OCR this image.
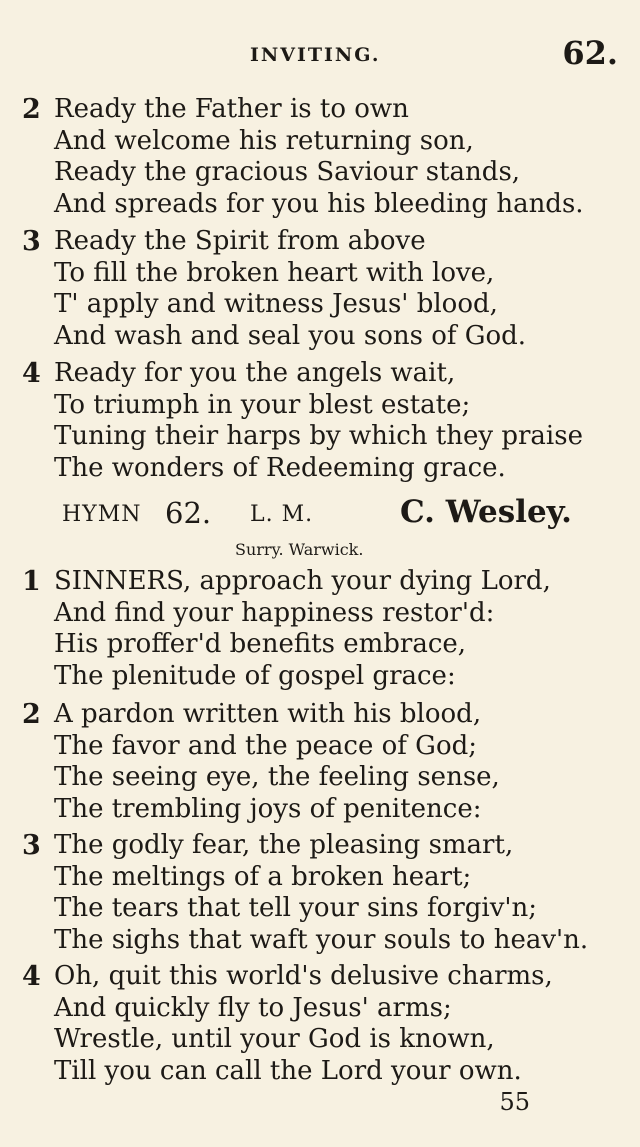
INVITING.	62.
2 Ready the Father is to own
And welcome his returning son,
Ready the gracious Saviour stands,
And spreads for you his bleeding hands.
3 Ready the Spirit from above
To fill the broken heart with love,
T' apply and witness Jesus' blood,
And wash and seal you sons of God.
4 Ready for you the angels wait,
To triumph in your blest estate;
Tuning their harps by which they praise
The wonders of Redeeming grace.
HYMN 62. L. M.	C. Wesley.
Surry. Warwick.
1 SINNERS, approach your dying Lord,
And find your happiness restor'd:
His proffer'd benefits embrace,
The plenitude of gospel grace:
2 A pardon written with his blood,
The favor and the peace of God;
The seeing eye, the feeling sense,
The trembling joys of penitence:
3 The godly fear, the pleasing smart,
The meltings of a broken heart;
The tears that tell your sins forgiv'n;
The sighs that waft your souls to heav'n.
4 Oh, quit this world's delusive charms,
And quickly fly to Jesus' arms;
Wrestle, until your God is known,
Till you can call the Lord your own.
55
